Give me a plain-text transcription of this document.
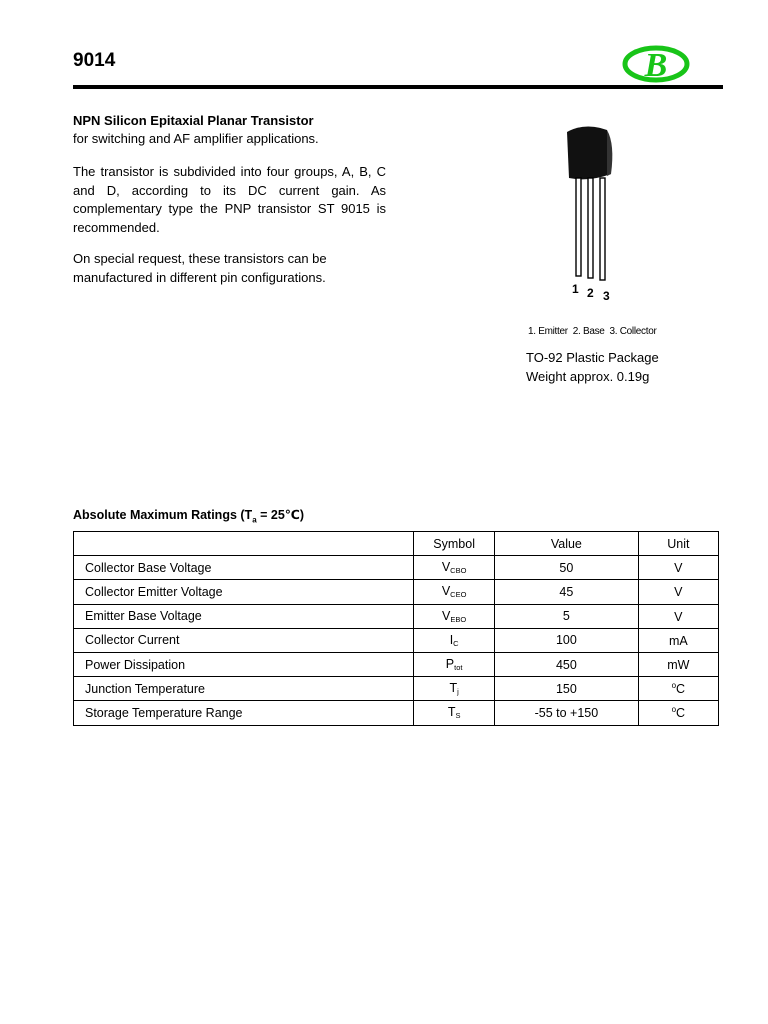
9014	B
NPN Silicon Epitaxial Planar Transistor
for switching and AF amplifier applications.
The transistor is subdivided into four groups, A, B, C and D, according to its DC current gain. As complementary type the PNP transistor ST 9015 is recommended.
On special request, these transistors can be manufactured in different pin configurations.
1 2 3
1. Emitter  2. Base  3. Collector
TO-92 Plastic Package
Weight approx. 0.19g
Absolute Maximum Ratings ($T_a$ = 25℃)
	Symbol	Value	Unit
Collector Base Voltage	VCBO	50	V
Collector Emitter Voltage	VCEO	45	V
Emitter Base Voltage	VEBO	5	V
Collector Current	IC	100	mA
Power Dissipation	Ptot	450	mW
Junction Temperature	Tj	150	$^o$C
Storage Temperature Range	TS	-55 to +150	$^o$C
